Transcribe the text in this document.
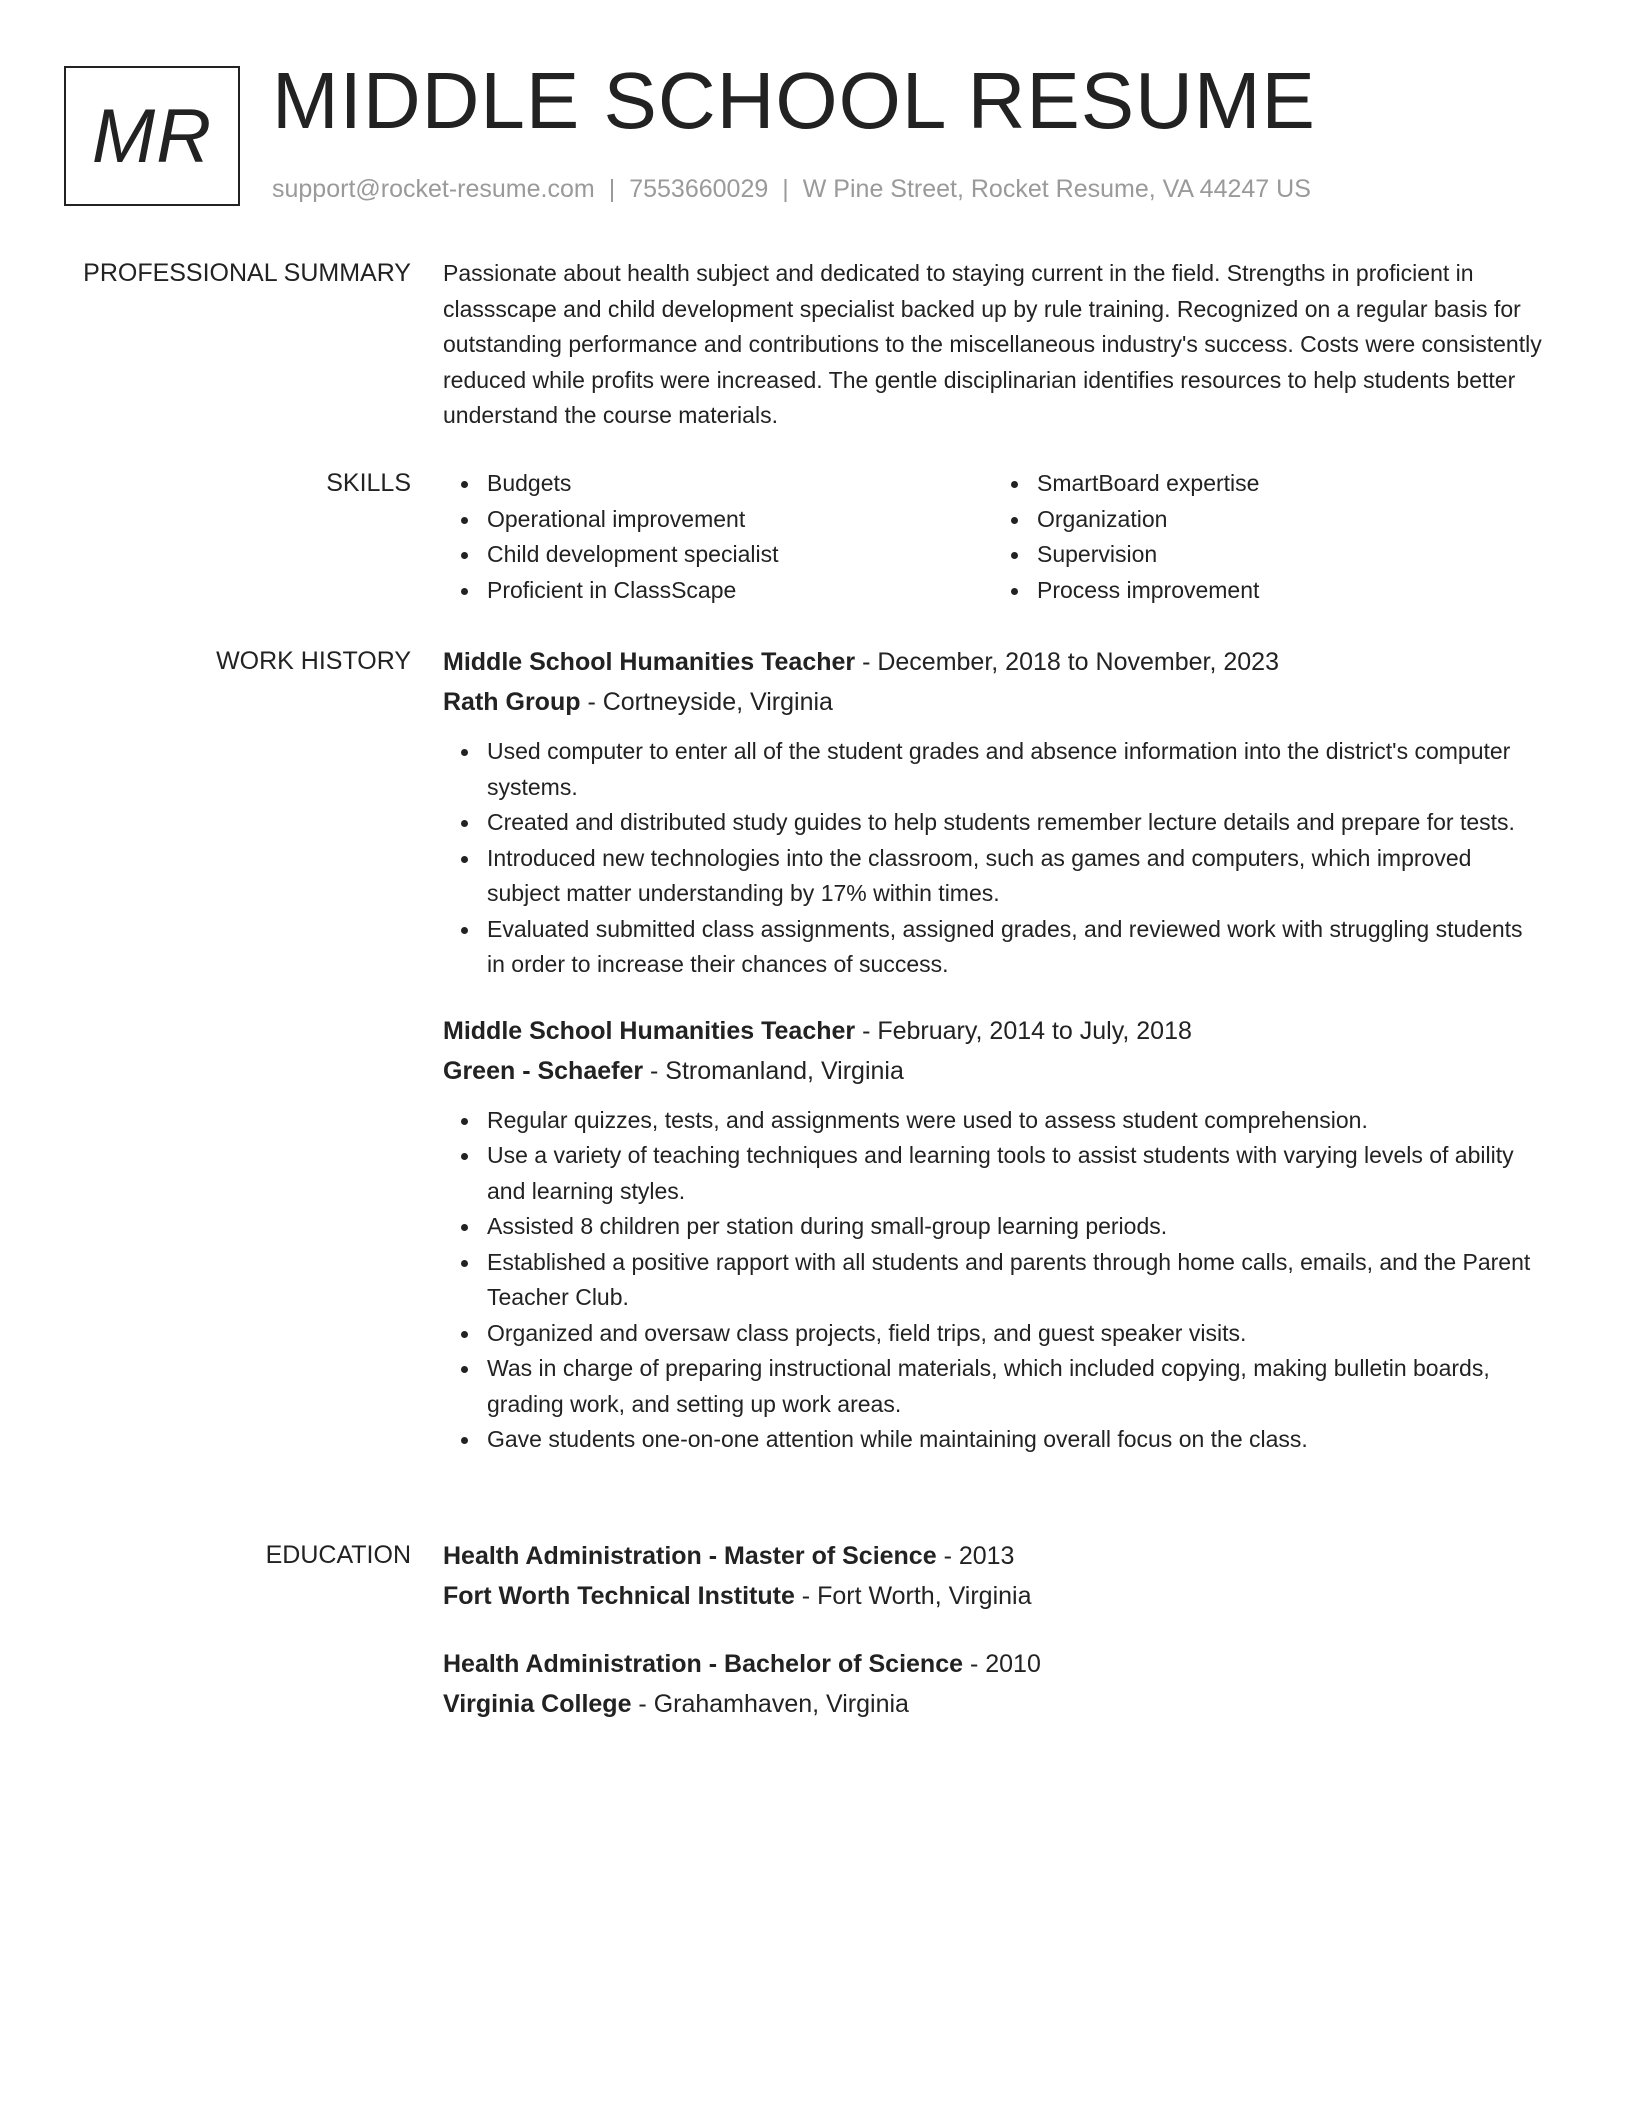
MR MIDDLE SCHOOL RESUME
support@rocket-resume.com | 7553660029 | W Pine Street, Rocket Resume, VA 44247 US
PROFESSIONAL SUMMARY Passionate about health subject and dedicated to staying current in the field. Strengths in proficient in classscape and child development specialist backed up by rule training. Recognized on a regular basis for outstanding performance and contributions to the miscellaneous industry's success. Costs were consistently reduced while profits were increased. The gentle disciplinarian identifies resources to help students better understand the course materials.

SKILLS	Budgets
Operational improvement
Child development specialist
Proficient in ClassScape
SmartBoard expertise
Organization
Supervision
Process improvement
WORK HISTORY Middle School Humanities Teacher - December, 2018 to November, 2023
Rath Group - Cortneyside, Virginia
Used computer to enter all of the student grades and absence information into the district's computer systems.
Created and distributed study guides to help students remember lecture details and prepare for tests.
Introduced new technologies into the classroom, such as games and computers, which improved subject matter understanding by 17% within times.
Evaluated submitted class assignments, assigned grades, and reviewed work with struggling students in order to increase their chances of success.
Middle School Humanities Teacher - February, 2014 to July, 2018
Green - Schaefer - Stromanland, Virginia
Regular quizzes, tests, and assignments were used to assess student comprehension.
Use a variety of teaching techniques and learning tools to assist students with varying levels of ability and learning styles.
Assisted 8 children per station during small-group learning periods.
Established a positive rapport with all students and parents through home calls, emails, and the Parent Teacher Club.
Organized and oversaw class projects, field trips, and guest speaker visits.
Was in charge of preparing instructional materials, which included copying, making bulletin boards, grading work, and setting up work areas.
Gave students one-on-one attention while maintaining overall focus on the class.
EDUCATION Health Administration - Master of Science - 2013
Fort Worth Technical Institute - Fort Worth, Virginia
Health Administration - Bachelor of Science - 2010
Virginia College - Grahamhaven, Virginia
